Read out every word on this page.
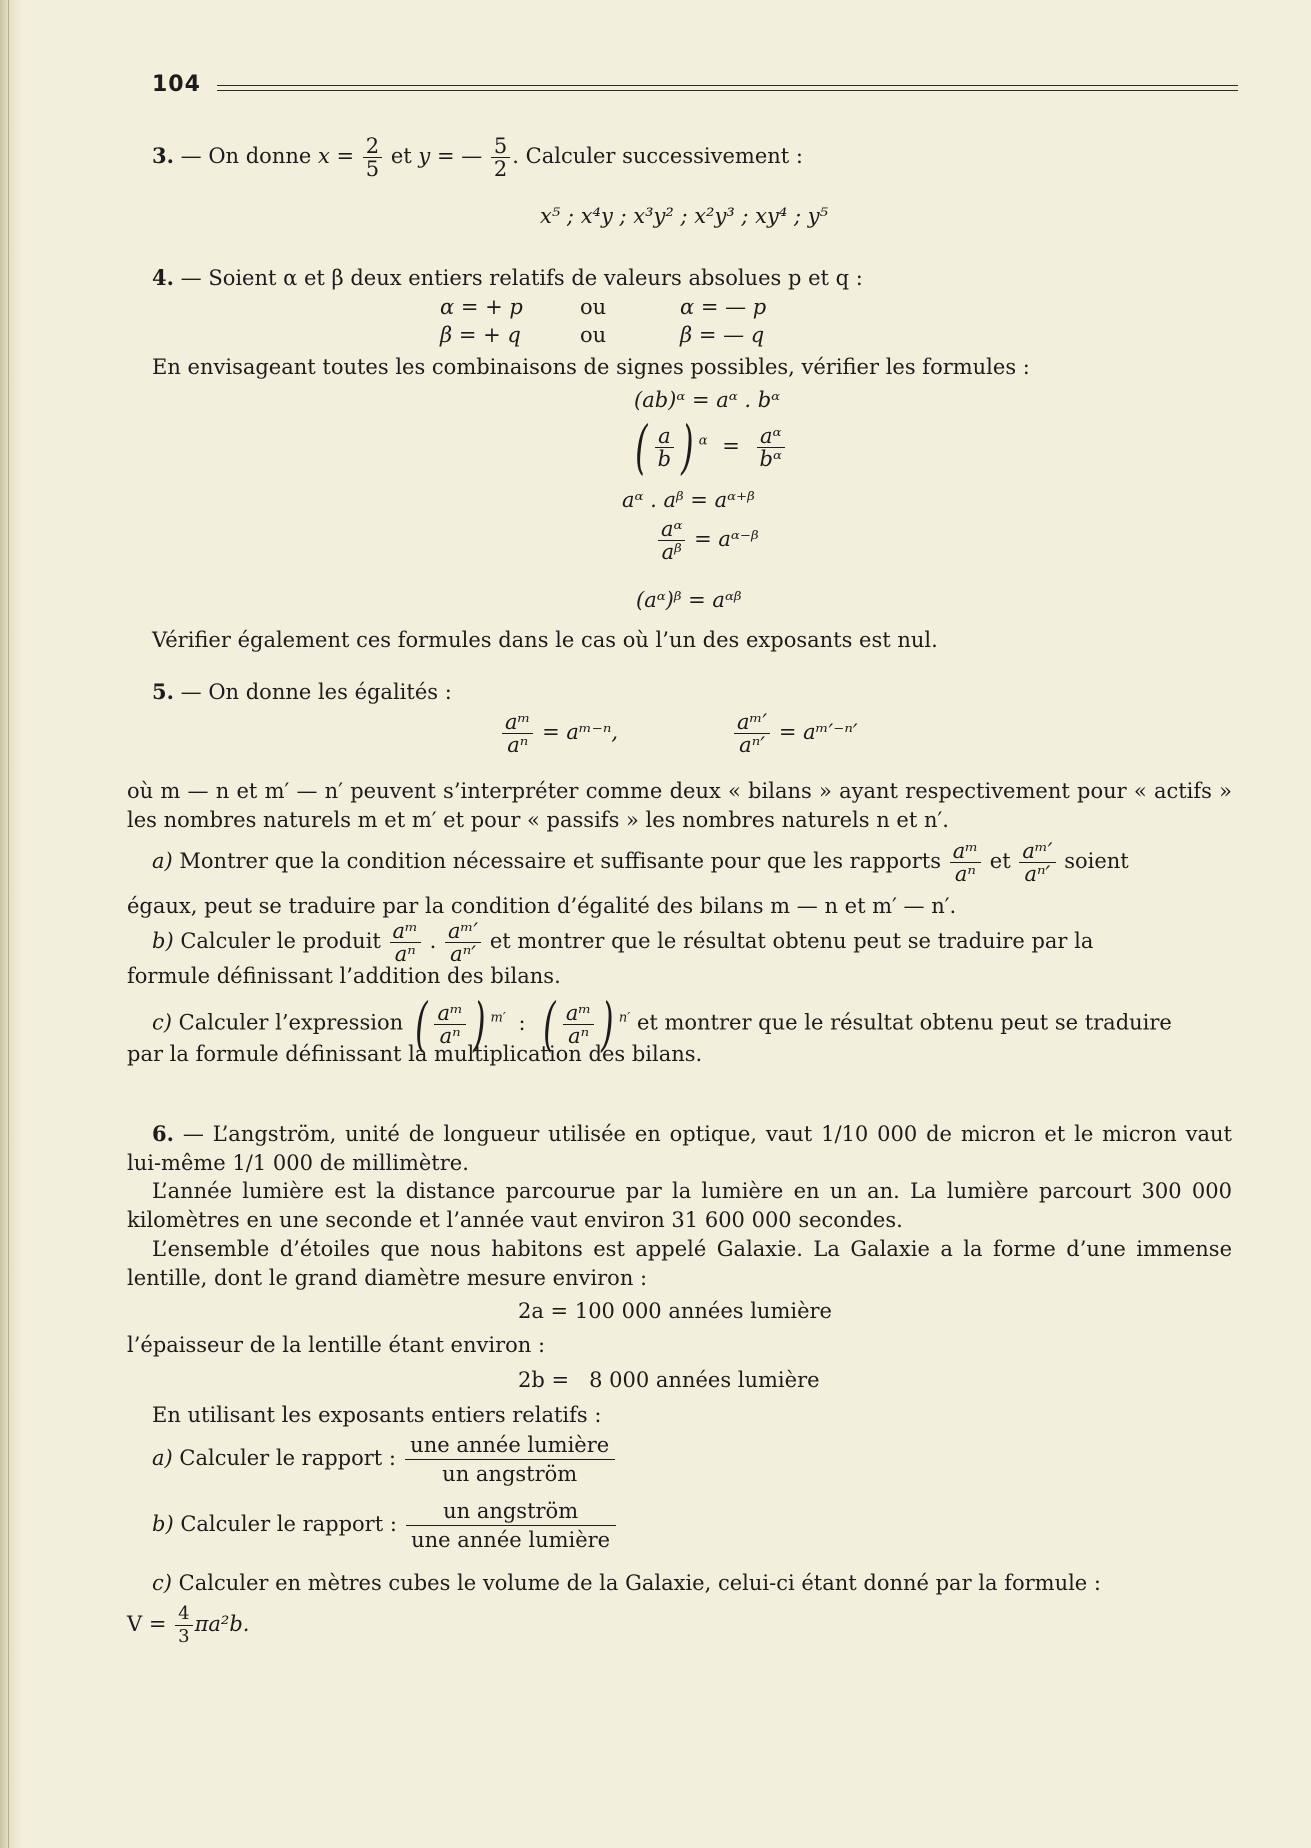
104
3. — On donne $x = \frac{2}{5}$ et y = — $\frac{5}{2}$ . Calculer successivement :
x⁵ ; x⁴y ; x³y² ; x²y³ ; xy⁴ ; y⁵
4. — Soient α et β deux entiers relatifs de valeurs absolues p et q :
α = + p	ou	α = — p
β = + q	ou	β = — q
En envisageant toutes les combinaisons de signes possibles, vérifier les formules :
(ab)ᵅ = aᵅ . bᵅ
( $\frac{a}{b}$ ) $^\alpha = \frac{\text{aᵅ}}{\text{bᵅ}}$
aᵅ . aᵝ = aᵅ⁺ᵝ
$\frac{\text{aᵅ}}{\text{aᵝ}}$ = aᵅ⁻ᵝ
(aᵅ)ᵝ = aᵅᵝ
Vérifier également ces formules dans le cas où l’un des exposants est nul.
5. — On donne les égalités :
$\frac{\text{aᵐ}}{\text{aⁿ}}$ = aᵐ⁻ⁿ,	$\frac{\text{aᵐ′}}{\text{aⁿ′}}$ = aᵐ′⁻ⁿ′

où m — n et m′ — n′ peuvent s’interpréter comme deux « bilans » ayant respectivement pour « actifs » les nombres naturels m et m′ et pour « passifs » les nombres naturels n et n′.

a) Montrer que la condition nécessaire et suffisante pour que les rapports $\frac{\text{aᵐ}}{\text{aⁿ}}$ et $\frac{\text{aᵐ′}}{\text{aⁿ′}}$ soient
égaux, peut se traduire par la condition d’égalité des bilans m — n et m′ — n′.
b) Calculer le produit $\frac{\text{aᵐ}}{\text{aⁿ}}$ . $\frac{\text{aᵐ′}}{\text{aⁿ′}}$ et montrer que le résultat obtenu peut se traduire par la
formule définissant l’addition des bilans.
c) Calculer l’expression ( $\frac{\text{aᵐ}}{\text{aⁿ}}$ ) $^{m'}$ : ( $\frac{\text{aᵐ}}{\text{aⁿ}}$ ) $^{n'}$ et montrer que le résultat obtenu peut se traduire
par la formule définissant la multiplication des bilans.

6. — L’angström, unité de longueur utilisée en optique, vaut 1/10 000 de micron et le micron vaut lui-même 1/1 000 de millimètre.

L’année lumière est la distance parcourue par la lumière en un an. La lumière parcourt 300 000 kilomètres en une seconde et l’année vaut environ 31 600 000 secondes.

L’ensemble d’étoiles que nous habitons est appelé Galaxie. La Galaxie a la forme d’une immense lentille, dont le grand diamètre mesure environ :

2a = 100 000 années lumière
l’épaisseur de la lentille étant environ :
2b =   8 000 années lumière
En utilisant les exposants entiers relatifs :
a) Calculer le rapport : $\frac{\text{une année lumière}}{\text{un angström}}$
b) Calculer le rapport : $\frac{\text{un angström}}{\text{une année lumière}}$
c) Calculer en mètres cubes le volume de la Galaxie, celui-ci étant donné par la formule :
$V = \frac{4}{3} \pi a^2b$.
